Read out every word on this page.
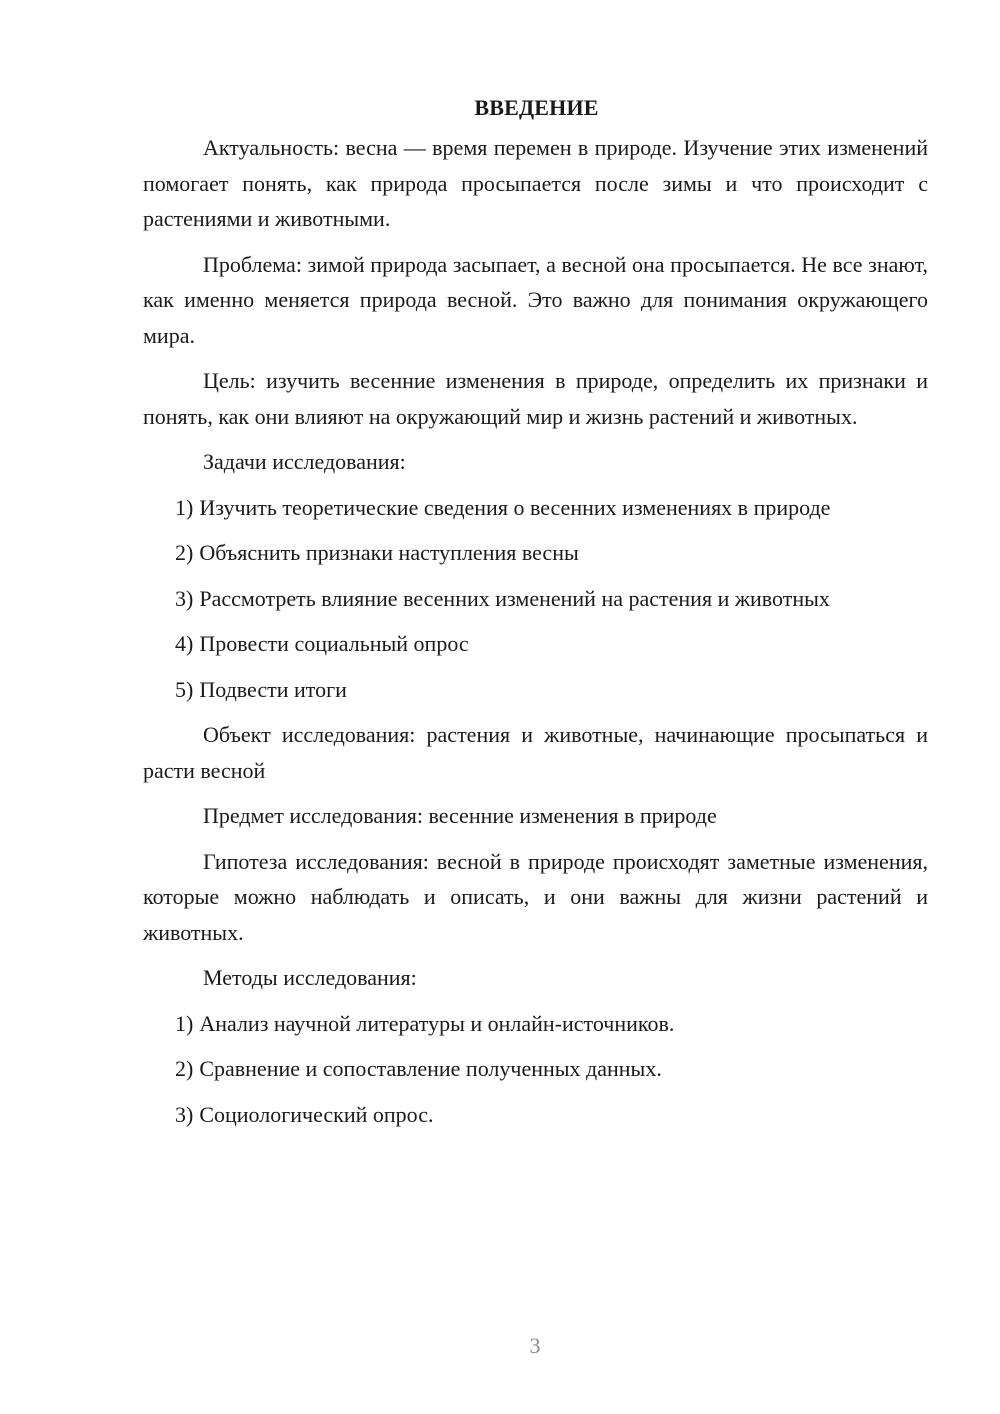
ВВЕДЕНИЕ

Актуальность: весна — время перемен в природе. Изучение этих изменений помогает понять, как природа просыпается после зимы и что происходит с растениями и животными.

Проблема: зимой природа засыпает, а весной она просыпается. Не все знают, как именно меняется природа весной. Это важно для понимания окружающего мира.

Цель: изучить весенние изменения в природе, определить их признаки и понять, как они влияют на окружающий мир и жизнь растений и животных.

Задачи исследования:

1) Изучить теоретические сведения о весенних изменениях в природе
2) Объяснить признаки наступления весны
3) Рассмотреть влияние весенних изменений на растения и животных
4) Провести социальный опрос
5) Подвести итоги

Объект исследования: растения и животные, начинающие просыпаться и расти весной

Предмет исследования: весенние изменения в природе

Гипотеза исследования: весной в природе происходят заметные изменения, которые можно наблюдать и описать, и они важны для жизни растений и животных.

Методы исследования:

1) Анализ научной литературы и онлайн-источников.
2) Сравнение и сопоставление полученных данных.
3) Социологический опрос.
3
